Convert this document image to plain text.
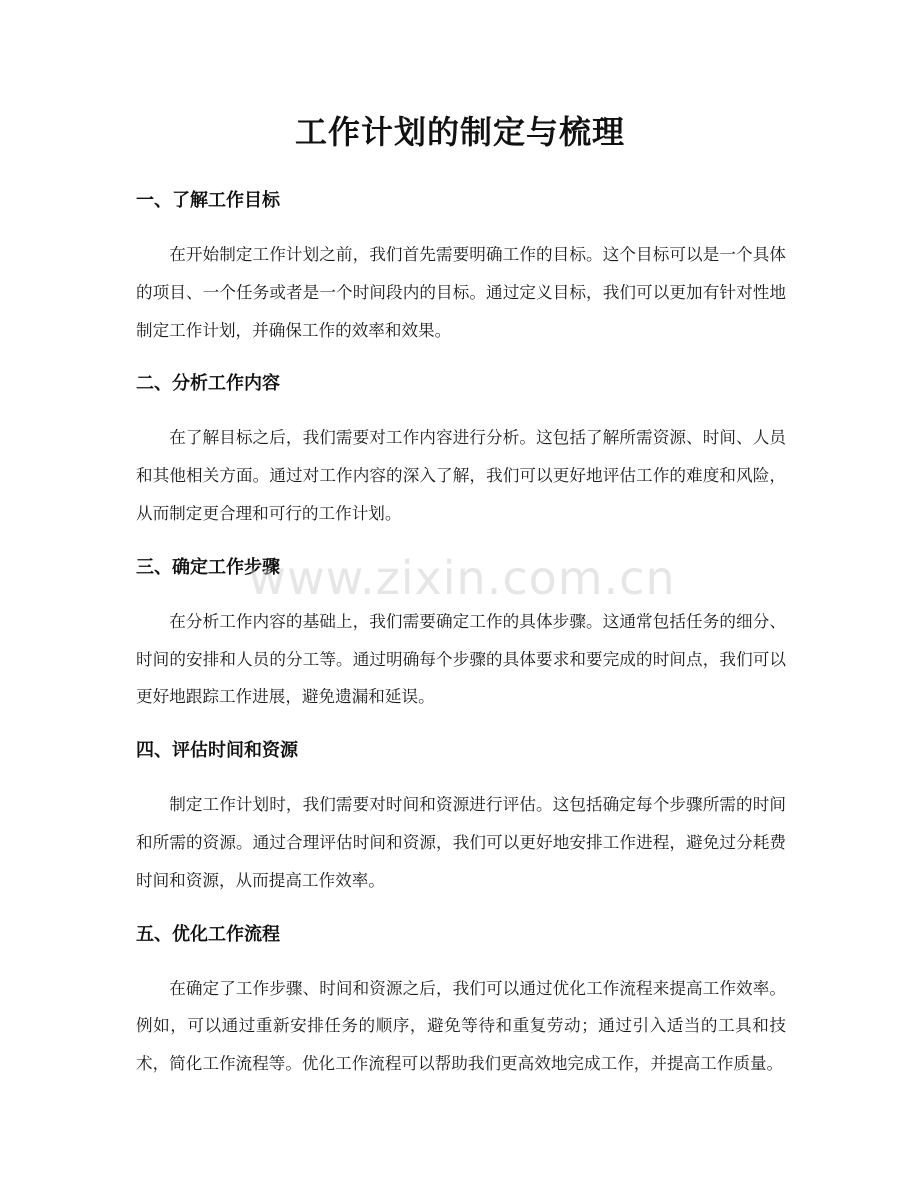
工作计划的制定与梳理
一、了解工作目标

在开始制定工作计划之前，我们首先需要明确工作的目标。这个目标可以是一个具体的项目、一个任务或者是一个时间段内的目标。通过定义目标，我们可以更加有针对性地制定工作计划，并确保工作的效率和效果。

二、分析工作内容

在了解目标之后，我们需要对工作内容进行分析。这包括了解所需资源、时间、人员和其他相关方面。通过对工作内容的深入了解，我们可以更好地评估工作的难度和风险，从而制定更合理和可行的工作计划。

三、确定工作步骤

在分析工作内容的基础上，我们需要确定工作的具体步骤。这通常包括任务的细分、时间的安排和人员的分工等。通过明确每个步骤的具体要求和要完成的时间点，我们可以更好地跟踪工作进展，避免遗漏和延误。

四、评估时间和资源

制定工作计划时，我们需要对时间和资源进行评估。这包括确定每个步骤所需的时间和所需的资源。通过合理评估时间和资源，我们可以更好地安排工作进程，避免过分耗费时间和资源，从而提高工作效率。

五、优化工作流程

在确定了工作步骤、时间和资源之后，我们可以通过优化工作流程来提高工作效率。例如，可以通过重新安排任务的顺序，避免等待和重复劳动；通过引入适当的工具和技术，简化工作流程等。优化工作流程可以帮助我们更高效地完成工作，并提高工作质量。

www.zixin.com.cn
